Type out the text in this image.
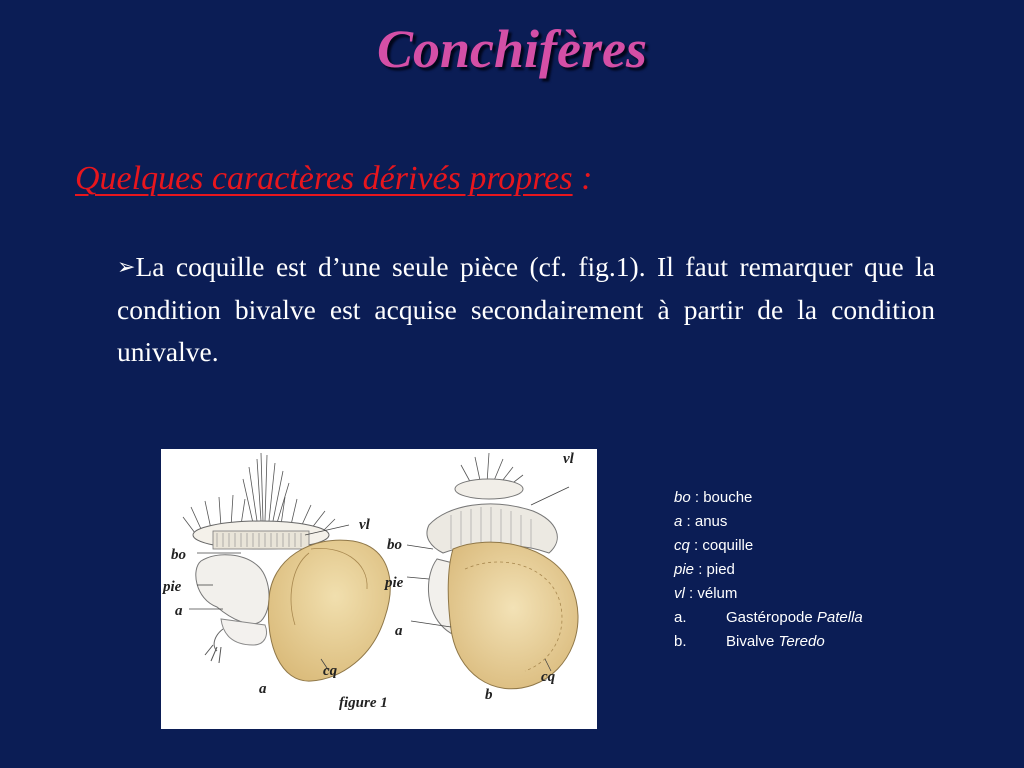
Conchifères
Quelques caractères dérivés propres :
➢La coquille est d’une seule pièce (cf. fig.1). Il faut remarquer que la condition bivalve est acquise secondairement à partir de la condition univalve.
vl
bo
pie
a
cq
a
figure 1
vl
bo
pie
a
cq
b
bo : bouche
a : anus
cq : coquille
pie : pied
vl : vélum
a.	Gastéropode Patella
b.	Bivalve Teredo
